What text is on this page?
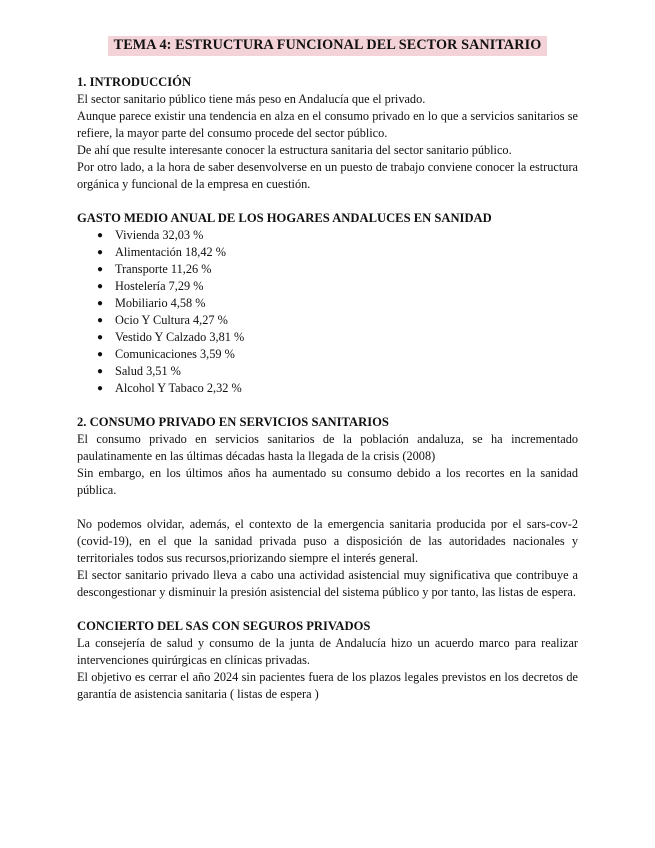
TEMA 4: ESTRUCTURA FUNCIONAL DEL SECTOR SANITARIO

1. INTRODUCCIÓN

El sector sanitario público tiene más peso en Andalucía que el privado.

Aunque parece existir una tendencia en alza en el consumo privado en lo que a servicios sanitarios se refiere, la mayor parte del consumo procede del sector público.

De ahí que resulte interesante conocer la estructura sanitaria del sector sanitario público.

Por otro lado, a la hora de saber desenvolverse en un puesto de trabajo conviene conocer la estructura orgánica y funcional de la empresa en cuestión.

GASTO MEDIO ANUAL DE LOS HOGARES ANDALUCES EN SANIDAD

● Vivienda 32,03 %
● Alimentación 18,42 %
● Transporte 11,26 %
● Hostelería 7,29 %
● Mobiliario 4,58 %
● Ocio Y Cultura 4,27 %
● Vestido Y Calzado 3,81 %
● Comunicaciones 3,59 %
● Salud 3,51 %
● Alcohol Y Tabaco 2,32 %

2. CONSUMO PRIVADO EN SERVICIOS SANITARIOS

El consumo privado en servicios sanitarios de la población andaluza, se ha incrementado paulatinamente en las últimas décadas hasta la llegada de la crisis (2008)

Sin embargo, en los últimos años ha aumentado su consumo debido a los recortes en la sanidad pública.

No podemos olvidar, además, el contexto de la emergencia sanitaria producida por el sars-cov-2 (covid-19), en el que la sanidad privada puso a disposición de las autoridades nacionales y territoriales todos sus recursos,priorizando siempre el interés general.

El sector sanitario privado lleva a cabo una actividad asistencial muy significativa que contribuye a descongestionar y disminuir la presión asistencial del sistema público y por tanto, las listas de espera.

CONCIERTO DEL SAS CON SEGUROS PRIVADOS

La consejería de salud y consumo de la junta de Andalucía hizo un acuerdo marco para realizar intervenciones quirúrgicas en clínicas privadas.

El objetivo es cerrar el año 2024 sin pacientes fuera de los plazos legales previstos en los decretos de garantía de asistencia sanitaria ( listas de espera )
